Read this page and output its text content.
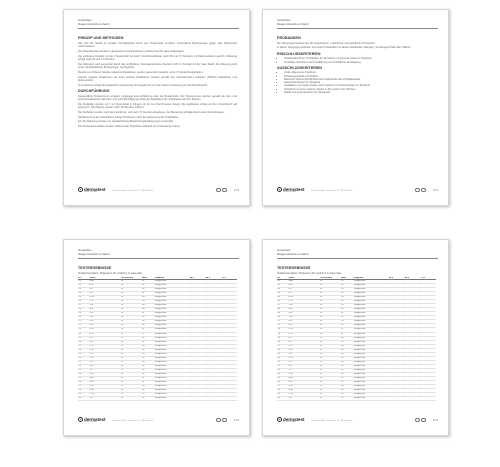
Gutachten
Dagenmicatoik et Zauht
PRINZIP UND METHODEN

Das Ziel der Studie ist primäre Verträglichkeit durch den Testprodukt ermitteln. Kontrollierte Bedingungen gegen das Testprodukt nachzuweisen.

Die Testpräparate werden in geeigneten Konzentrationen verdünnt auf der Haut aufgetragen.

Die epikutane Kontakt mit dem Testprodukt ist durch Verschlusspflaster nach 48 und 72 Stunden mit Dokumentation geprüft. Ablesung erfolgt nach 20 und 72 Stunden.

Die Okklusion wird verwendet damit das verbliebene Testmaterial keine Stunden nicht in Kontakt mit der Haut bleibt. Die Ablesung wird unter standardisierten Bedingungen durchgeführt.

Bereits von früheren Studien bekannte Reaktionen werden gesondert bewertet und im Protokoll festgehalten.

Sowohl negative Reaktionen als auch positive Reaktionen werden gemäß den internationalen Leitlinien (ICDRG) klassifiziert und dokumentiert.

Im Anschluss erfolgt die statistische Auswertung der Ergebnisse und die Zusammenfassung im Abschlussbericht.

DURCHFÜHRUNG

Ausgewählte Testpersonen erhalten vorgängig eine Aufklärung über die Studienziele. Die Testpersonen werden gemäß den Ein- und Ausschlusskriterien rekrutiert, und nach Einwilligung erfolgt die Applikation der Testpflaster auf den Rücken.

Die Testfelder werden mit 1 ml Testprodukt in Ringen mit 12 mm Durchmesser belegt. Die Applikation erfolgt an Finn Chambers® auf Scanpor®. Die Pflaster werden nach 48 Stunden entfernt.

Die Testfelder wurden nach dem Entfernen und nach 72 Stunden abgelesen, die Bewertung erfolgte durch einen Dermatologen.

Die Bewertung der Testreaktion erfolgt 30 Minuten nach der Entfernung der Testpflaster.

Für die Ablesung werden nur standardisierte Beleuchtungsbedingungen verwendet.

Die Studienkennzahlen werden während der Testphase während der Anwendung erfasst.

dermatest
Research Institute
Dermatest GmbH · Engelstraße 37 · 48143 Münster	2 / 4
Gutachten
Dagenmicatoik et Zauht
PROBANDEN

Die Testgruppe bestand aus 30 erwachsenen, männlichen und weiblichen Probanden.

In dieser Testgruppe befinden sich keine Probanden mit akuten Hautleiden, Allergien, Schwangerschaft oder Stillzeit.

EINSCHLUSSKRITERIEN
• Studienteilnehmer: Probanden ab 18 Jahren mit gesunder Haut im Testareal
• Freiwillige Teilnahme nach Aufklärung und schriftlicher Einwilligung
AUSSCHLUSSKRITERIEN
• Akute allgemeine Krankheit
• Schwangerschaft und Stillzeit
• Bekannte Überempfindlichkeit auf Inhaltsstoffe des Prüfpräparates
• Hauterkrankungen im Testareal
• Applikation von systemischen oder topischen Kortikosteroiden im Testareal
• Teilnahme an einer anderen Studie in den letzten vier Wochen
• Starke Sonnenexposition des Testareals
dermatest
Research Institute
Dermatest GmbH · Engelstraße 37 · 48143 Münster	3 / 4
Gutachten
Dagenmicatoik et Zauht
TESTERGEBNISSE
Testkonzentration: Präparat 0,1% verdünnt in Aqua dest.
Nr.	Name	Geschlecht	Alter	Diagnose	24 h	48 h	72 h
01	M.A.	w	32	hautgesund	-	-	-
02	B.K.	m	45	hautgesund	-	-	-
03	S.L.	w	28	hautgesund	-	-	-
04	R.T.	w	51	hautgesund	-	-	-
05	H.W.	m	39	hautgesund	-	-	-
06	C.F.	w	24	hautgesund	-	-	-
07	J.M.	m	60	hautgesund	-	-	-
08	A.S.	w	33	hautgesund	-	-	-
09	P.R.	w	47	hautgesund	-	-	-
10	T.B.	m	29	hautgesund	-	-	-
11	E.K.	w	55	hautgesund	-	-	-
12	L.H.	w	36	hautgesund	-	-	-
13	D.G.	m	42	hautgesund	-	-	-
14	N.O.	w	27	hautgesund	-	-	-
15	F.Z.	w	58	hautgesund	-	-	-
16	K.V.	m	31	hautgesund	-	-	-
17	U.P.	w	49	hautgesund	-	-	-
18	G.E.	w	38	hautgesund	-	-	-
19	I.N.	m	26	hautgesund	-	-	-
20	O.D.	w	53	hautgesund	-	-	-
21	V.C.	w	44	hautgesund	-	-	-
22	W.J.	m	35	hautgesund	-	-	-
23	Y.L.	w	62	hautgesund	-	-	-
24	Z.M.	w	30	hautgesund	-	-	-
25	M.B.	m	41	hautgesund	-	-	-
26	S.K.	w	57	hautgesund	-	-	-
27	R.H.	w	34	hautgesund	-	-	-
28	H.A.	m	48	hautgesund	-	-	-
29	C.W.	w	25	hautgesund	-	-	-
30	J.F.	w	52	hautgesund	-	-	-
dermatest
Research Institute
Dermatest GmbH · Engelstraße 37 · 48143 Münster	4 / 5
Gutachten
Dagenmicatoik et Zauht
TESTERGEBNISSE
Testkonzentration: Präparat 0,1% verdünnt in Aqua dest.
Nr.	Name	Geschlecht	Alter	Diagnose	24 h	48 h	72 h
01	M.A.	w	32	hautgesund	-	-	-
02	B.K.	m	45	hautgesund	-	-	-
03	S.L.	w	28	hautgesund	-	-	-
04	R.T.	w	51	hautgesund	-	-	-
05	H.W.	m	39	hautgesund	-	-	-
06	C.F.	w	24	hautgesund	-	-	-
07	J.M.	m	60	hautgesund	-	-	-
08	A.S.	w	33	hautgesund	-	-	-
09	P.R.	w	47	hautgesund	-	-	-
10	T.B.	m	29	hautgesund	-	-	-
11	E.K.	w	55	hautgesund	-	-	-
12	L.H.	w	36	hautgesund	-	-	-
13	D.G.	m	42	hautgesund	-	-	-
14	N.O.	w	27	hautgesund	-	-	-
15	F.Z.	w	58	hautgesund	-	-	-
16	K.V.	m	31	hautgesund	-	-	-
17	U.P.	w	49	hautgesund	-	-	-
18	G.E.	w	38	hautgesund	-	-	-
19	I.N.	m	26	hautgesund	-	-	-
20	O.D.	w	53	hautgesund	-	-	-
21	V.C.	w	44	hautgesund	-	-	-
22	W.J.	m	35	hautgesund	-	-	-
23	Y.L.	w	62	hautgesund	-	-	-
24	Z.M.	w	30	hautgesund	-	-	-
25	M.B.	m	41	hautgesund	-	-	-
26	S.K.	w	57	hautgesund	-	-	-
27	R.H.	w	34	hautgesund	-	-	-
28	H.A.	m	48	hautgesund	-	-	-
29	C.W.	w	25	hautgesund	-	-	-
30	J.F.	w	52	hautgesund	-	-	-
dermatest
Research Institute
Dermatest GmbH · Engelstraße 37 · 48143 Münster	5 / 5
